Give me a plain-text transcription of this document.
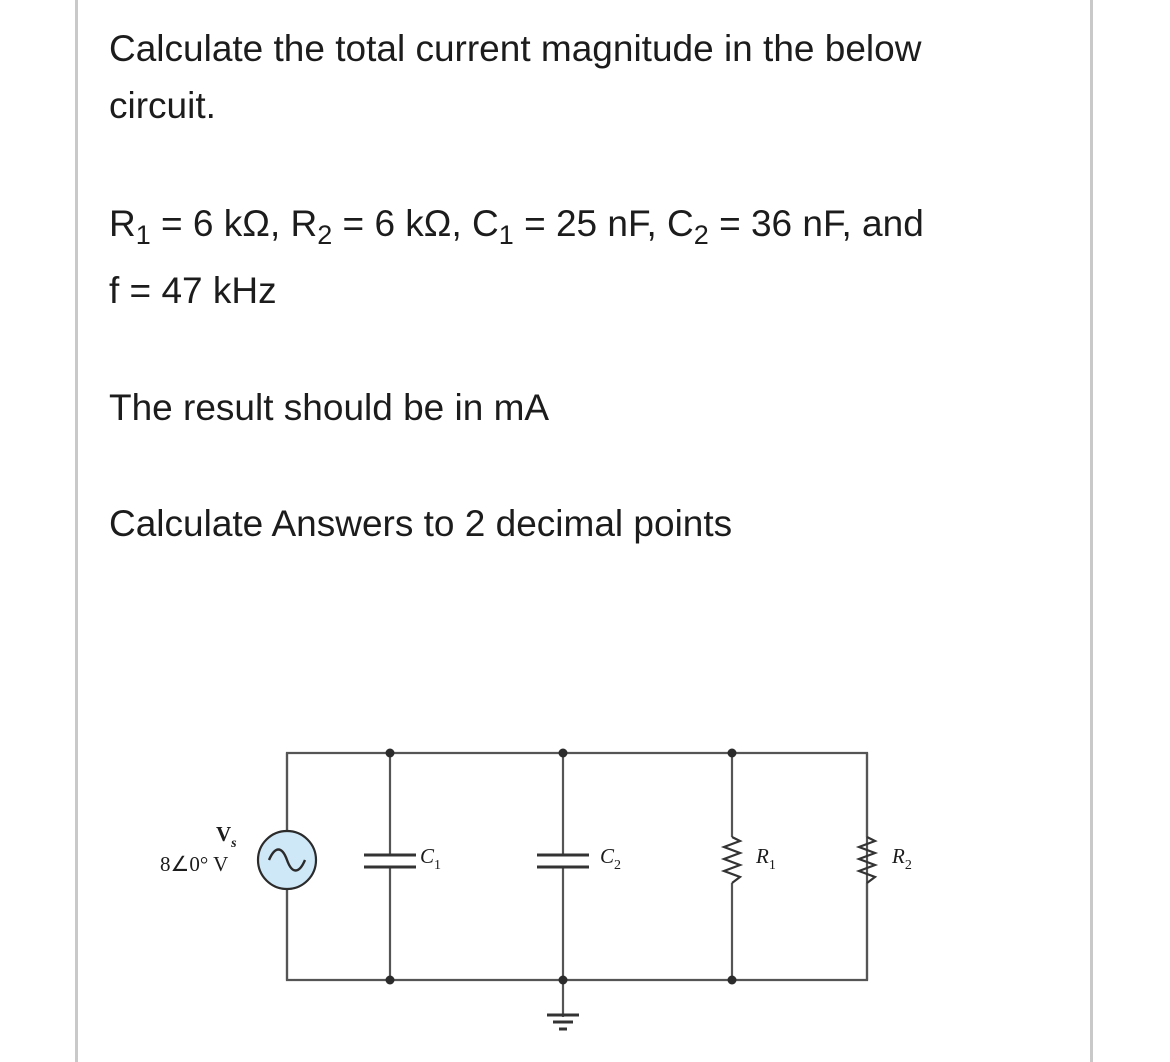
Calculate the total current magnitude in the below
circuit.

$R_1 = 6$ kΩ, $R_2 = 6$ kΩ, $C_1 = 25$ nF, $C_2 = 36$ nF, and
f = 47 kHz

The result should be in mA

Calculate Answers to 2 decimal points

$V_s$
8∠0° V	$C_1$	$C_2$	$R_1$	$R_2$
